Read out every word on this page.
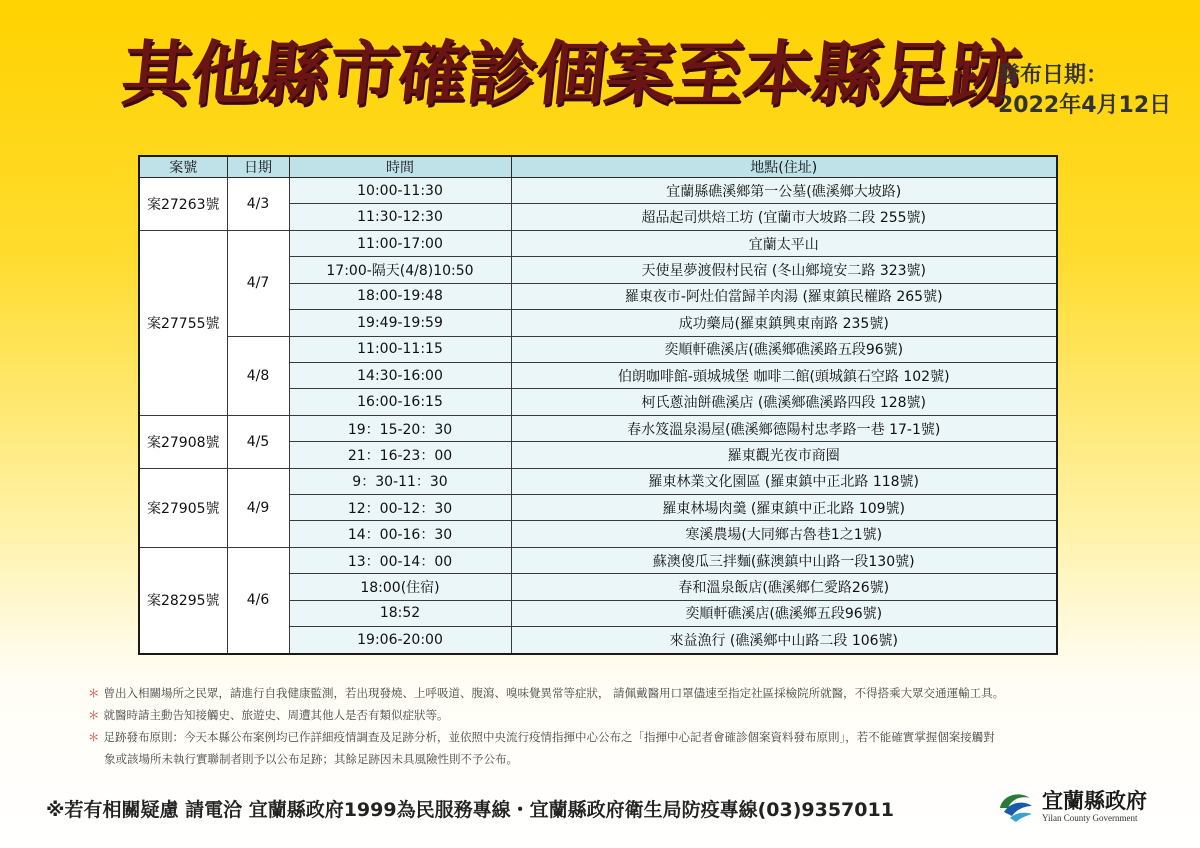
其他縣市確診個案至本縣足跡
發布日期：
2022年4月12日
案號	日期	時間	地點(住址)
案27263號	4/3	10:00-11:30	宜蘭縣礁溪鄉第一公墓(礁溪鄉大坡路)
		11:30-12:30	超品起司烘焙工坊 (宜蘭市大坡路二段 255號)
案27755號	4/7	11:00-17:00	宜蘭太平山
		17:00-隔天(4/8)10:50	天使星夢渡假村民宿 (冬山鄉境安二路 323號)
		18:00-19:48	羅東夜市-阿灶伯當歸羊肉湯 (羅東鎮民權路 265號)
		19:49-19:59	成功藥局(羅東鎮興東南路 235號)
	4/8	11:00-11:15	奕順軒礁溪店(礁溪鄉礁溪路五段96號)
		14:30-16:00	伯朗咖啡館-頭城城堡 咖啡二館(頭城鎮石空路 102號)
		16:00-16:15	柯氏蔥油餅礁溪店 (礁溪鄉礁溪路四段 128號)
案27908號	4/5	19：15-20：30	春水笈溫泉湯屋(礁溪鄉德陽村忠孝路一巷 17-1號)
		21：16-23：00	羅東觀光夜市商圈
案27905號	4/9	9：30-11：30	羅東林業文化園區 (羅東鎮中正北路 118號)
		12：00-12：30	羅東林場肉羹 (羅東鎮中正北路 109號)
		14：00-16：30	寒溪農場(大同鄉古魯巷1之1號)
案28295號	4/6	13：00-14：00	蘇澳傻瓜三拌麵(蘇澳鎮中山路一段130號)
		18:00(住宿)	春和溫泉飯店(礁溪鄉仁愛路26號)
		18:52	奕順軒礁溪店(礁溪鄉五段96號)
		19:06-20:00	來益漁行 (礁溪鄉中山路二段 106號)
＊ 曾出入相關場所之民眾，請進行自我健康監測，若出現發燒、上呼吸道、腹瀉、嗅味覺異常等症狀， 請佩戴醫用口罩儘速至指定社區採檢院所就醫，不得搭乘大眾交通運輸工具。
＊ 就醫時請主動告知接觸史、旅遊史、周遭其他人是否有類似症狀等。
＊ 足跡發布原則：今天本縣公布案例均已作詳細疫情調查及足跡分析，並依照中央流行疫情指揮中心公布之「指揮中心記者會確診個案資料發布原則」，若不能確實掌握個案接觸對
象或該場所未執行實聯制者則予以公布足跡；其餘足跡因未具風險性則不予公布。
※若有相關疑慮 請電洽 宜蘭縣政府1999為民服務專線・宜蘭縣政府衛生局防疫專線(03)9357011	宜蘭縣政府
Yilan County Government
